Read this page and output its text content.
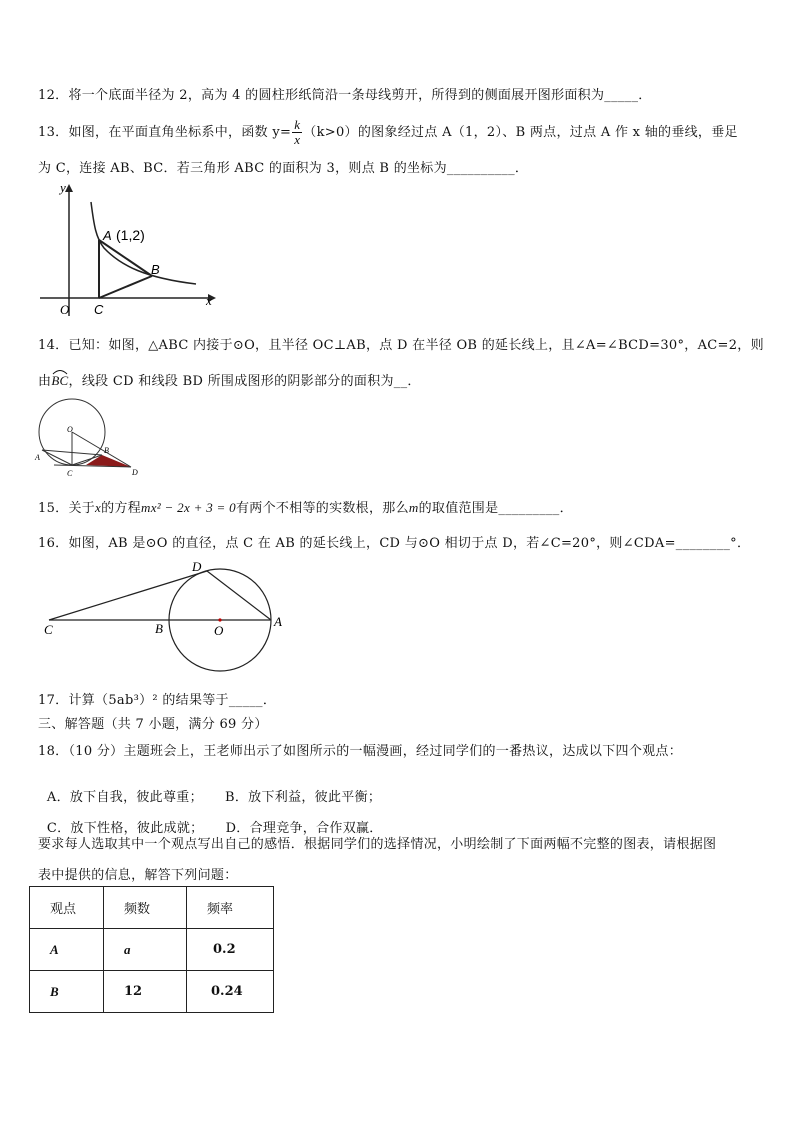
12．将一个底面半径为 2，高为 4 的圆柱形纸筒沿一条母线剪开，所得到的侧面展开图形面积为_____．
13．如图，在平面直角坐标系中，函数 $y= \frac{k}{x} (k>0)$的图象经过点 A（1，2）、B 两点，过点 A 作 x 轴的垂线，垂足
为 C，连接 AB、BC．若三角形 ABC 的面积为 3，则点 B 的坐标为__________．
x
y
O
A (1,2)
B
C
14．已知：如图，△ABC 内接于⊙O，且半径 OC⊥AB，点 D 在半径 OB 的延长线上，且∠A=∠BCD=30°，AC=2，则
由BC
，线段 CD 和线段 BD 所围成图形的阴影部分的面积为__．
O
A
B
C	D
15．关于x的方程mx² − 2x + 3 = 0有两个不相等的实数根，那么m的取值范围是_________．
16．如图，AB 是⊙O 的直径，点 C 在 AB 的延长线上，CD 与⊙O 相切于点 D，若∠C=20°，则∠CDA=________°．
C	B	O
A
D
17．计算（5ab³）² 的结果等于_____．
三、解答题（共 7 小题，满分 69 分）
18．（10 分）主题班会上，王老师出示了如图所示的一幅漫画，经过同学们的一番热议，达成以下四个观点：

A．放下自我，彼此尊重；     B．放下利益，彼此平衡；

C．放下性格，彼此成就；     D．合理竞争，合作双赢．

要求每人选取其中一个观点写出自己的感悟．根据同学们的选择情况，小明绘制了下面两幅不完整的图表，请根据图
表中提供的信息，解答下列问题：
观点	频数	频率
A	a	0.2
B	12	0.24
